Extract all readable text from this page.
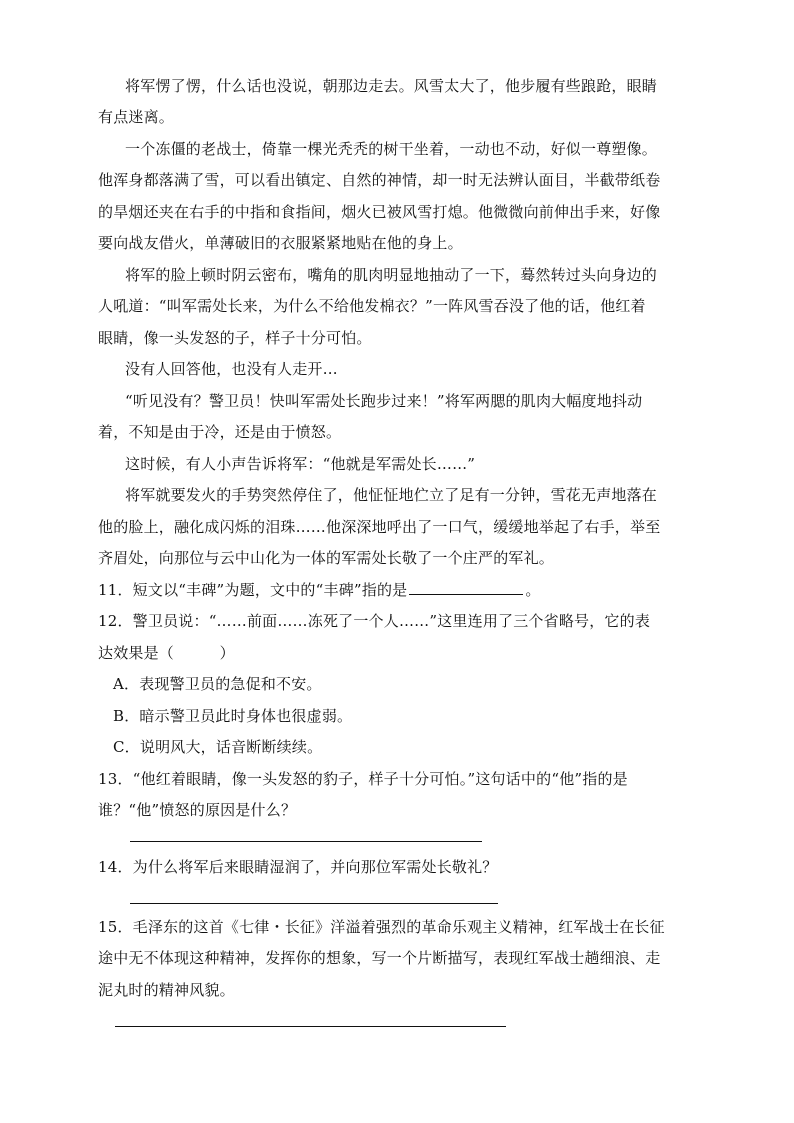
将军愣了愣，什么话也没说，朝那边走去。风雪太大了，他步履有些踉跄，眼睛
有点迷离。
一个冻僵的老战士，倚靠一棵光秃秃的树干坐着，一动也不动，好似一尊塑像。
他浑身都落满了雪，可以看出镇定、自然的神情，却一时无法辨认面目，半截带纸卷
的旱烟还夹在右手的中指和食指间，烟火已被风雪打熄。他微微向前伸出手来，好像
要向战友借火，单薄破旧的衣服紧紧地贴在他的身上。
将军的脸上顿时阴云密布，嘴角的肌肉明显地抽动了一下，蓦然转过头向身边的
人吼道：“叫军需处长来，为什么不给他发棉衣？”一阵风雪吞没了他的话，他红着
眼睛，像一头发怒的子，样子十分可怕。
没有人回答他，也没有人走开…
“听见没有？警卫员！快叫军需处长跑步过来！”将军两腮的肌肉大幅度地抖动
着，不知是由于冷，还是由于愤怒。
这时候，有人小声告诉将军：“他就是军需处长……”
将军就要发火的手势突然停住了，他怔怔地伫立了足有一分钟，雪花无声地落在
他的脸上，融化成闪烁的泪珠……他深深地呼出了一口气，缓缓地举起了右手，举至
齐眉处，向那位与云中山化为一体的军需处长敬了一个庄严的军礼。
11．短文以“丰碑”为题，文中的“丰碑”指的是	。
12．警卫员说：“……前面……冻死了一个人……”这里连用了三个省略号，它的表
达效果是（　　　）
A．表现警卫员的急促和不安。
B．暗示警卫员此时身体也很虚弱。
C．说明风大，话音断断续续。
13．“他红着眼睛，像一头发怒的豹子，样子十分可怕。”这句话中的“他”指的是
谁？“他”愤怒的原因是什么？
14．为什么将军后来眼睛湿润了，并向那位军需处长敬礼？
15．毛泽东的这首《七律・长征》洋溢着强烈的革命乐观主义精神，红军战士在长征
途中无不体现这种精神，发挥你的想象，写一个片断描写，表现红军战士趟细浪、走
泥丸时的精神风貌。
